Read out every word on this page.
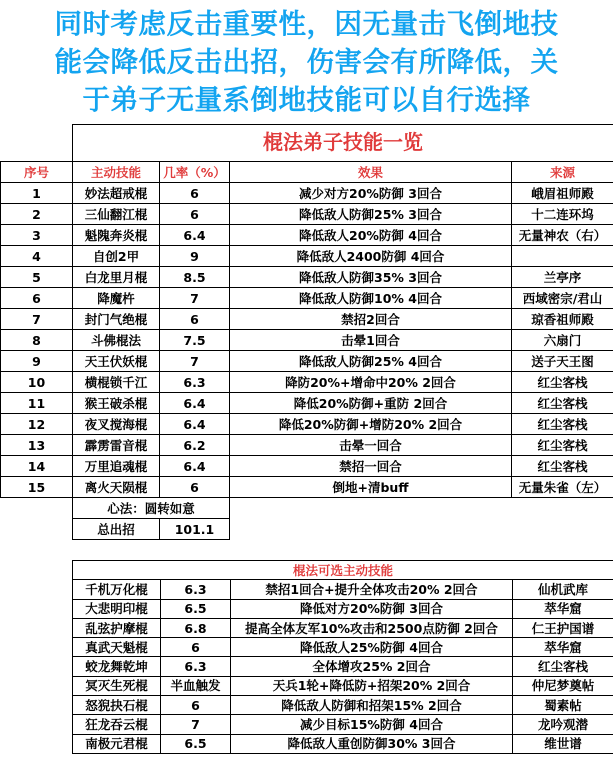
同时考虑反击重要性，因无量击飞倒地技
能会降低反击出招，伤害会有所降低，关
于弟子无量系倒地技能可以自行选择
	棍法弟子技能一览			
序号	主动技能	几率（%）	效果	来源
1	妙法超戒棍	6	减少对方20%防御 3回合	峨眉祖师殿
2	三仙翻江棍	6	降低敌人防御25% 3回合	十二连环坞
3	魁隗奔炎棍	6.4	降低敌人20%防御 4回合	无量神农（右）
4	自创2甲	9	降低敌人2400防御 4回合	
5	白龙里月棍	8.5	降低敌人防御35% 3回合	兰亭序
6	降魔杵	7	降低敌人防御10% 4回合	西域密宗/君山
7	封门气绝棍	6	禁招2回合	琼香祖师殿
8	斗佛棍法	7.5	击晕1回合	六扇门
9	天王伏妖棍	7	降低敌人防御25% 4回合	送子天王图
10	横棍锁千江	6.3	降防20%+增命中20% 2回合	红尘客栈
11	猴王破杀棍	6.4	降低20%防御+重防 2回合	红尘客栈
12	夜叉搅海棍	6.4	降低20%防御+增防20% 2回合	红尘客栈
13	霹雳雷音棍	6.2	击晕一回合	红尘客栈
14	万里追魂棍	6.4	禁招一回合	红尘客栈
15	离火天陨棍	6	倒地+清buff	无量朱雀（左）
	心法：圆转如意			
	总出招	101.1		
棍法可选主动技能			
千机万化棍	6.3	禁招1回合+提升全体攻击20% 2回合	仙机武库
大悲明印棍	6.5	降低对方20%防御 3回合	萃华窟
乱弦护摩棍	6.8	提高全体友军10%攻击和2500点防御 2回合	仁王护国谱
真武天魁棍	6	降低敌人25%防御 4回合	萃华窟
蛟龙舞乾坤	6.3	全体增攻25% 2回合	红尘客栈
冥灭生死棍	半血触发	天兵1轮+降低防+招架20% 2回合	仲尼梦奠帖
怒猊抉石棍	6	降低敌人防御和招架15% 2回合	蜀素帖
狂龙吞云棍	7	减少目标15%防御 4回合	龙吟观潜
南极元君棍	6.5	降低敌人重创防御30% 3回合	维世谱
